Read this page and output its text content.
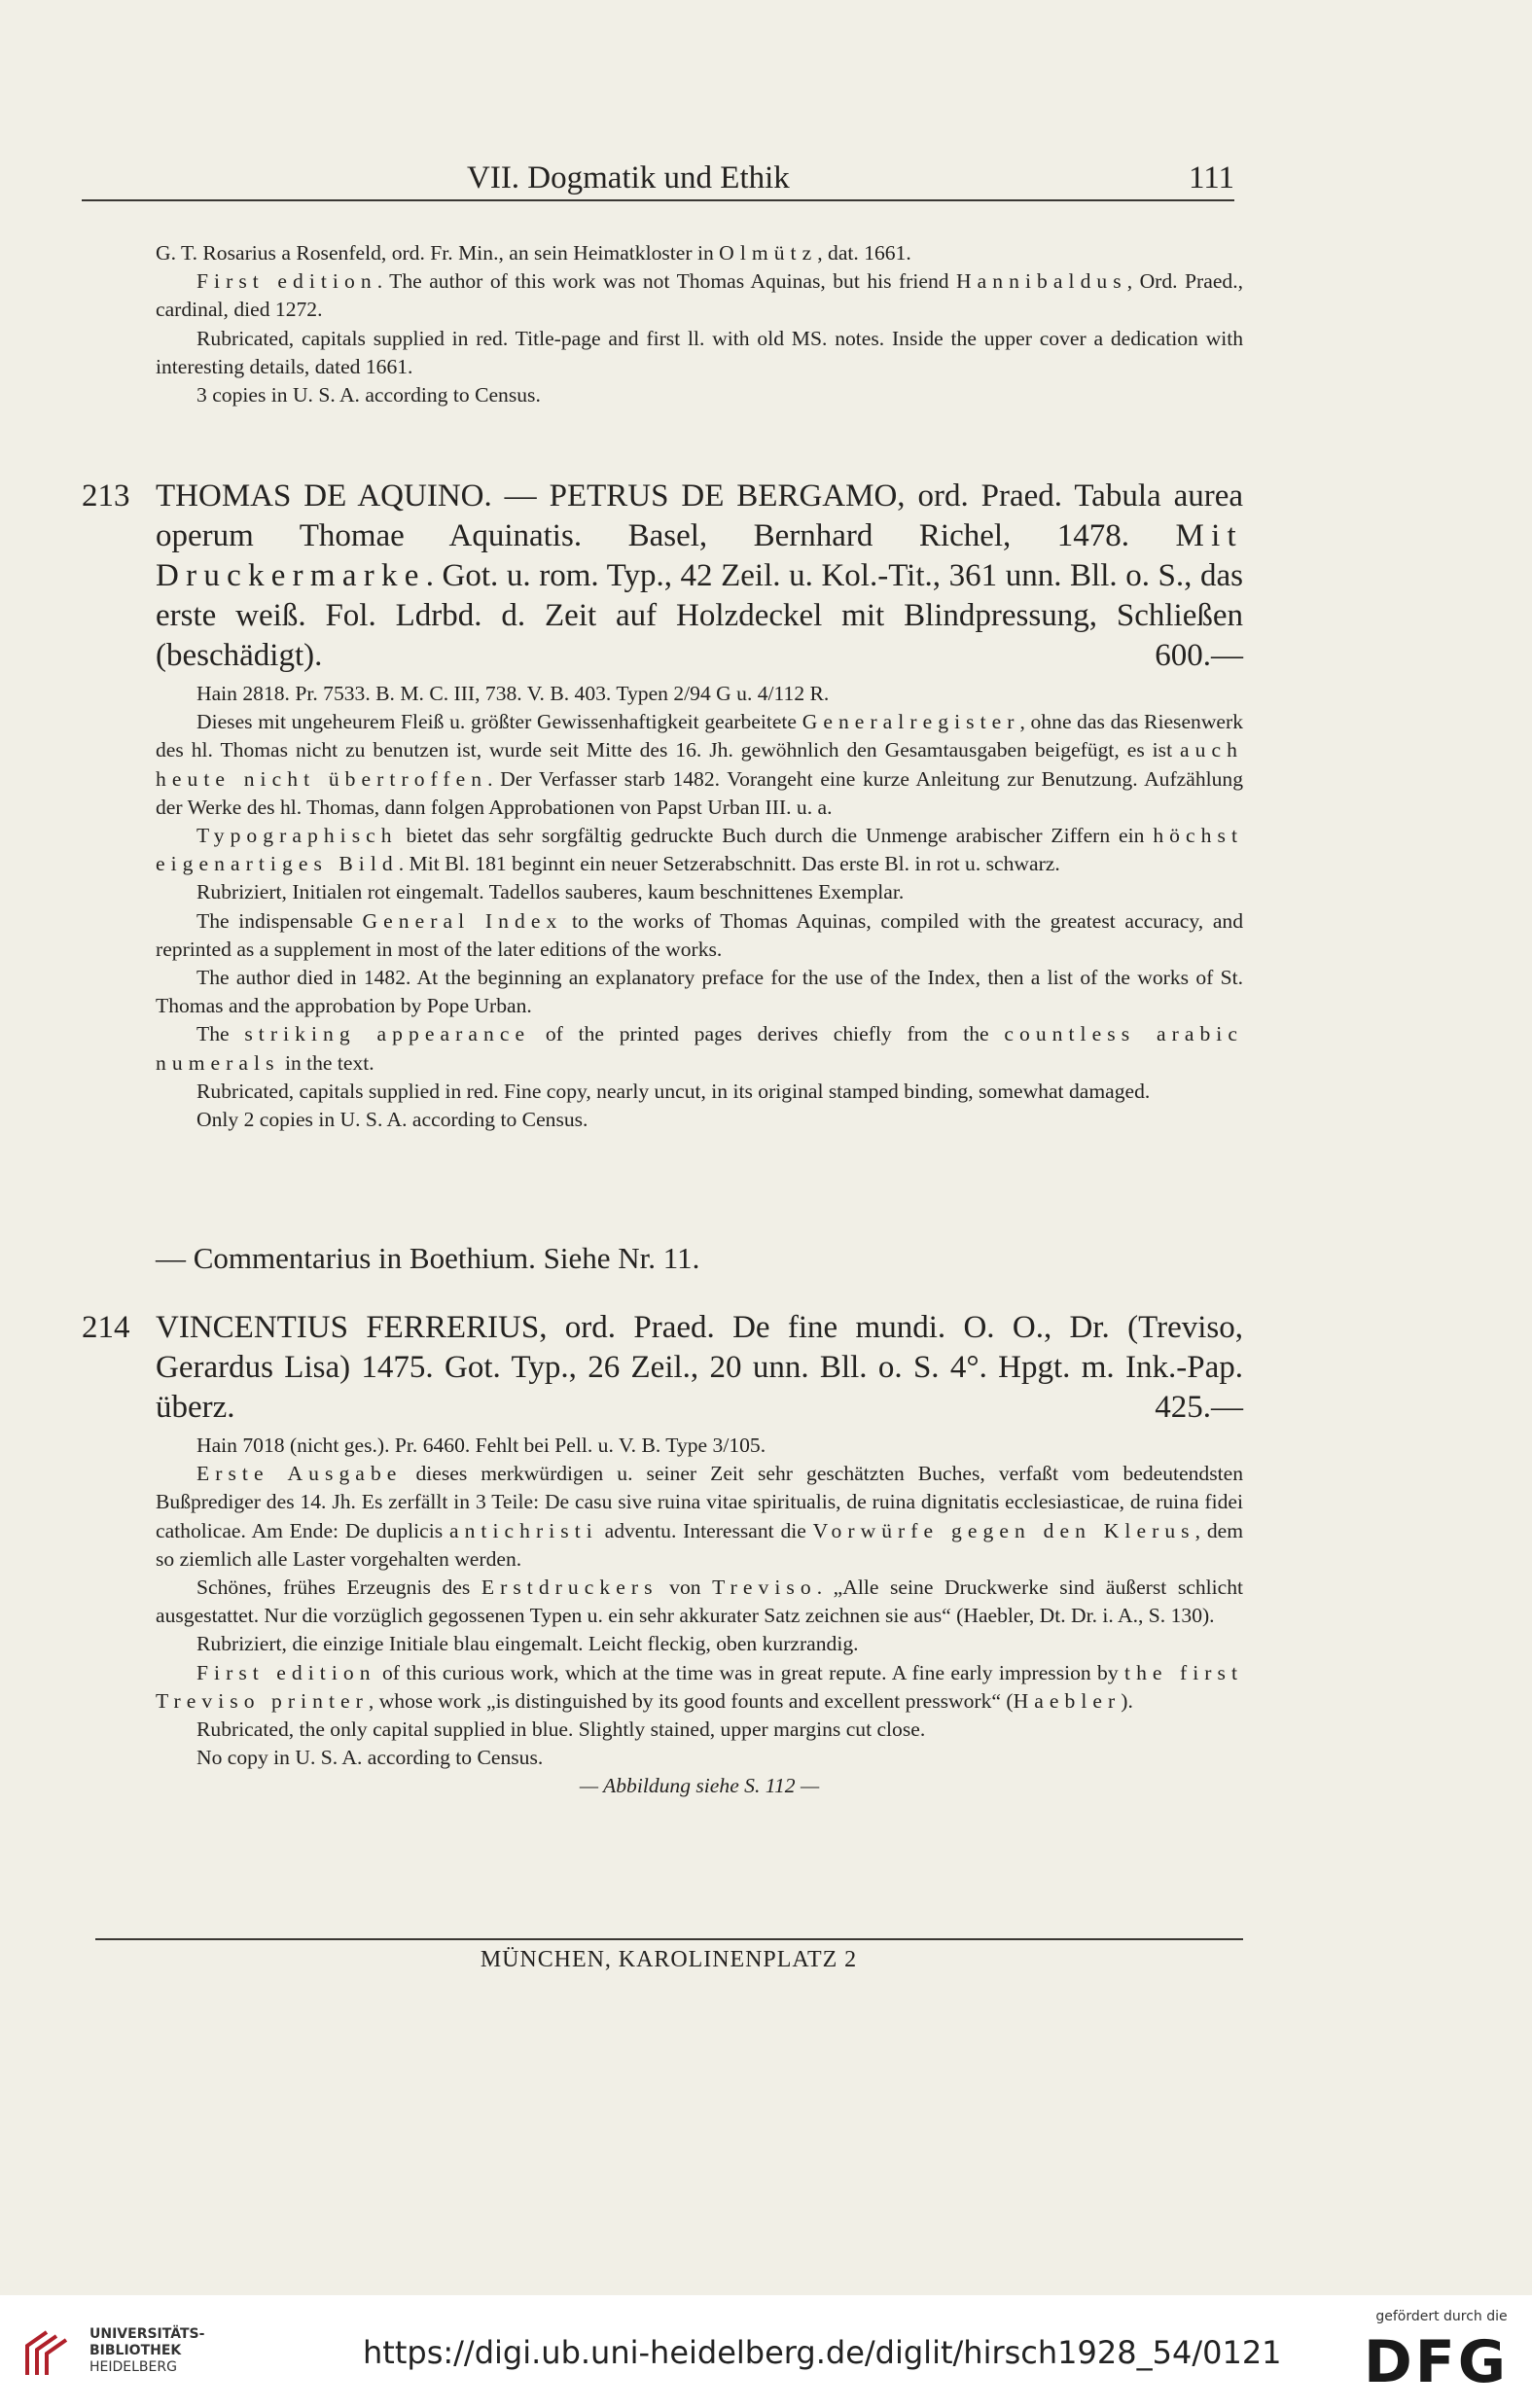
VII. Dogmatik und Ethik	111

G. T. Rosarius a Rosenfeld, ord. Fr. Min., an sein Heimatkloster in Olmütz, dat. 1661.

First edition. The author of this work was not Thomas Aquinas, but his friend Hannibaldus, Ord. Praed., cardinal, died 1272.

Rubricated, capitals supplied in red. Title-page and first ll. with old MS. notes. Inside the upper cover a dedication with interesting details, dated 1661.

3 copies in U. S. A. according to Census.

213 THOMAS DE AQUINO. — PETRUS DE BERGAMO, ord. Praed. Tabula aurea operum Thomae Aquinatis. Basel, Bernhard Richel, 1478. Mit Druckermarke. Got. u. rom. Typ., 42 Zeil. u. Kol.-Tit., 361 unn. Bll. o. S., das erste weiß. Fol. Ldrbd. d. Zeit auf Holzdeckel mit Blindpressung, Schließen (beschädigt).	600.—

Hain 2818. Pr. 7533. B. M. C. III, 738. V. B. 403. Typen 2/94 G u. 4/112 R.

Dieses mit ungeheurem Fleiß u. größter Gewissenhaftigkeit gearbeitete Generalregister, ohne das das Riesenwerk des hl. Thomas nicht zu benutzen ist, wurde seit Mitte des 16. Jh. gewöhnlich den Gesamtausgaben beigefügt, es ist auch heute nicht übertroffen. Der Verfasser starb 1482. Vorangeht eine kurze Anleitung zur Benutzung. Aufzählung der Werke des hl. Thomas, dann folgen Approbationen von Papst Urban III. u. a.

Typographisch bietet das sehr sorgfältig gedruckte Buch durch die Unmenge arabischer Ziffern ein höchst eigenartiges Bild. Mit Bl. 181 beginnt ein neuer Setzerabschnitt. Das erste Bl. in rot u. schwarz.

Rubriziert, Initialen rot eingemalt. Tadellos sauberes, kaum beschnittenes Exemplar.

The indispensable General Index to the works of Thomas Aquinas, compiled with the greatest accuracy, and reprinted as a supplement in most of the later editions of the works.

The author died in 1482. At the beginning an explanatory preface for the use of the Index, then a list of the works of St. Thomas and the approbation by Pope Urban.

The striking appearance of the printed pages derives chiefly from the countless arabic numerals in the text.

Rubricated, capitals supplied in red. Fine copy, nearly uncut, in its original stamped binding, somewhat damaged.

Only 2 copies in U. S. A. according to Census.

— Commentarius in Boethium. Siehe Nr. 11.
214 VINCENTIUS FERRERIUS, ord. Praed. De fine mundi. O. O., Dr. (Treviso, Gerardus Lisa) 1475. Got. Typ., 26 Zeil., 20 unn. Bll. o. S. 4°. Hpgt. m. Ink.-Pap. überz.	425.—

Hain 7018 (nicht ges.). Pr. 6460. Fehlt bei Pell. u. V. B. Type 3/105.

Erste Ausgabe dieses merkwürdigen u. seiner Zeit sehr geschätzten Buches, verfaßt vom bedeutendsten Bußprediger des 14. Jh. Es zerfällt in 3 Teile: De casu sive ruina vitae spiritualis, de ruina dignitatis ecclesiasticae, de ruina fidei catholicae. Am Ende: De duplicis antichristi adventu. Interessant die Vorwürfe gegen den Klerus, dem so ziemlich alle Laster vorgehalten werden.

Schönes, frühes Erzeugnis des Erstdruckers von Treviso. „Alle seine Druckwerke sind äußerst schlicht ausgestattet. Nur die vorzüglich gegossenen Typen u. ein sehr akkurater Satz zeichnen sie aus“ (Haebler, Dt. Dr. i. A., S. 130).

Rubriziert, die einzige Initiale blau eingemalt. Leicht fleckig, oben kurzrandig.

First edition of this curious work, which at the time was in great repute. A fine early impression by the first Treviso printer, whose work „is distinguished by its good founts and excellent presswork“ (Haebler).

Rubricated, the only capital supplied in blue. Slightly stained, upper margins cut close.

No copy in U. S. A. according to Census.

— Abbildung siehe S. 112 —

MÜNCHEN, KAROLINENPLATZ 2
UNIVERSITÄTS-
BIBLIOTHEK
HEIDELBERG	https://digi.ub.uni-heidelberg.de/diglit/hirsch1928_54/0121
gefördert durch die
DFG
